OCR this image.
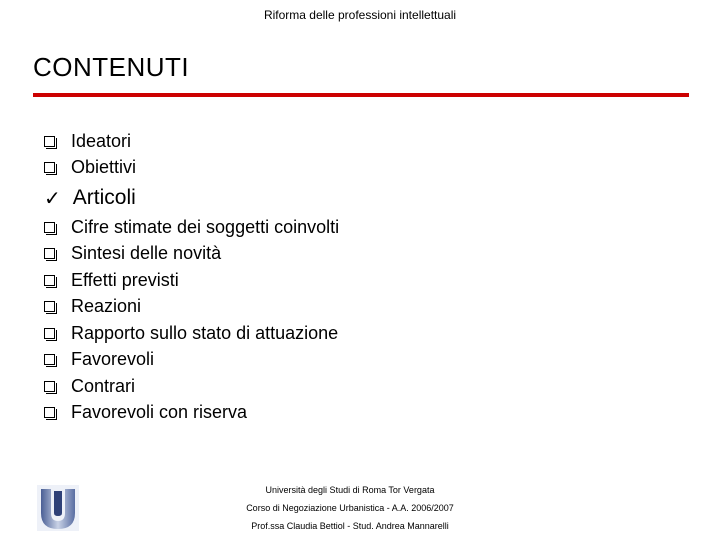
Riforma delle professioni intellettuali
CONTENUTI
Ideatori
Obiettivi
✓ Articoli
Cifre stimate dei soggetti coinvolti
Sintesi delle novità
Effetti previsti
Reazioni
Rapporto sullo stato di attuazione
Favorevoli
Contrari
Favorevoli con riserva
Università degli Studi di Roma Tor Vergata
Corso di Negoziazione Urbanistica - A.A. 2006/2007
Prof.ssa Claudia Bettiol - Stud. Andrea Mannarelli
